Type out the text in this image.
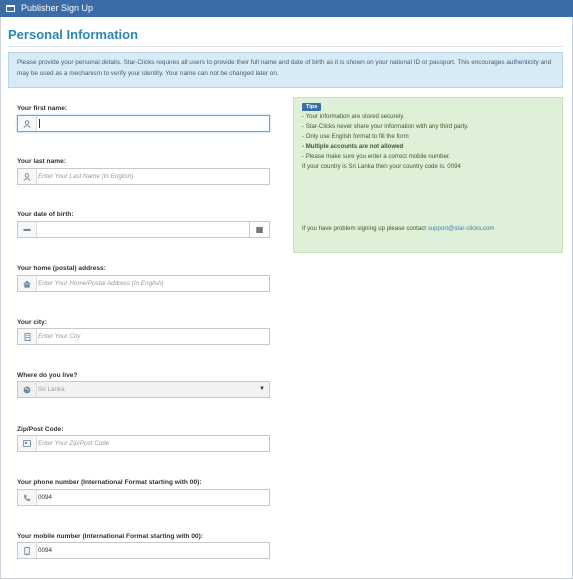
Publisher Sign Up
Personal Information
Please provide your personal details. Star-Clicks requires all users to provide their full name and date of birth as it is shown on your national ID or passport. This encourages authenticity and may be used as a mechanism to verify your identity. Your name can not be changed later on.
Your first name:
Your last name:
Enter Your Last Name (In English)
Your date of birth:
▬	▦
Your home (postal) address:
Enter Your Home/Postal Address (In English)
Your city:
Enter Your City
Where do you live?
Sri Lanka	▼
Zip/Post Code:
Enter Your Zip/Post Code
Your phone number (International Format starting with 00):
0094
Your mobile number (International Format starting with 00):
0094
Tips
- Your information are stored securely.
- Star-Clicks never share your information with any third party.
- Only use English format to fill the form
- Multiple accounts are not allowed
- Please make sure you enter a correct mobile number.
If your country is Sri Lanka then your country code is: 0094
If you have problem signing up please contact support@star-clicks.com
